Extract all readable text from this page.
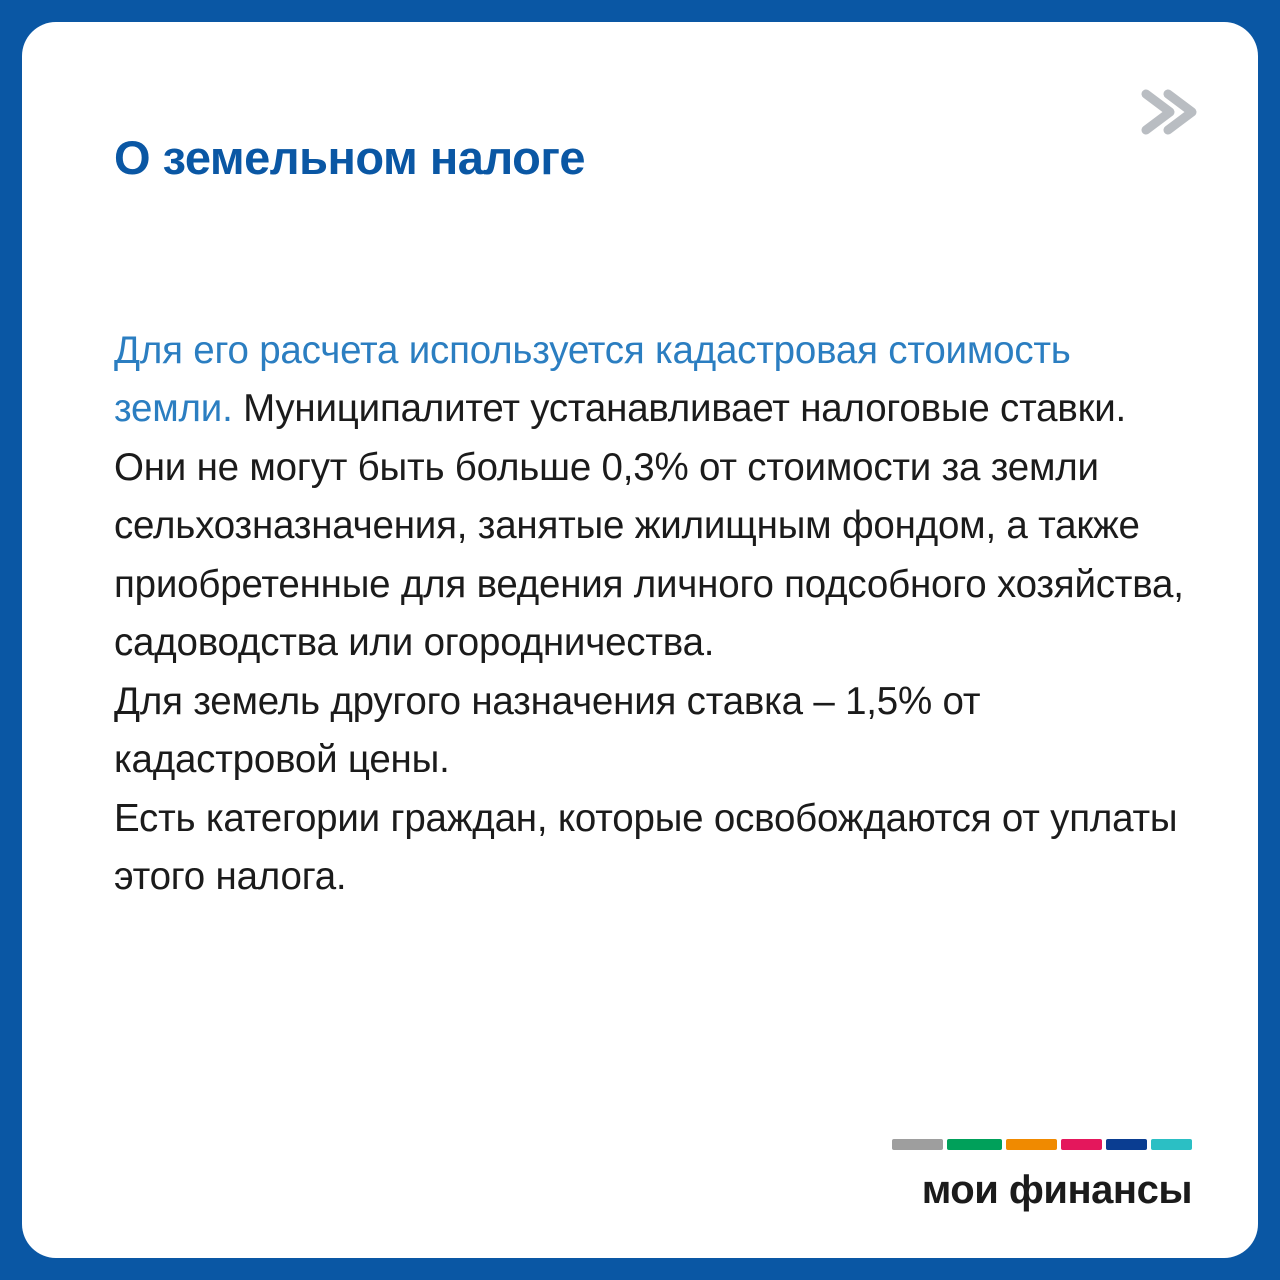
О земельном налоге

Для его расчета используется кадастровая стоимость земли. Муниципалитет устанавливает налоговые ставки. Они не могут быть больше 0,3% от стоимости за земли сельхозназначения, занятые жилищным фондом, а также приобретенные для ведения личного подсобного хозяйства, садоводства или огородничества.

Для земель другого назначения ставка – 1,5% от кадастровой цены.

Есть категории граждан, которые освобождаются от уплаты этого налога.

мои финансы
